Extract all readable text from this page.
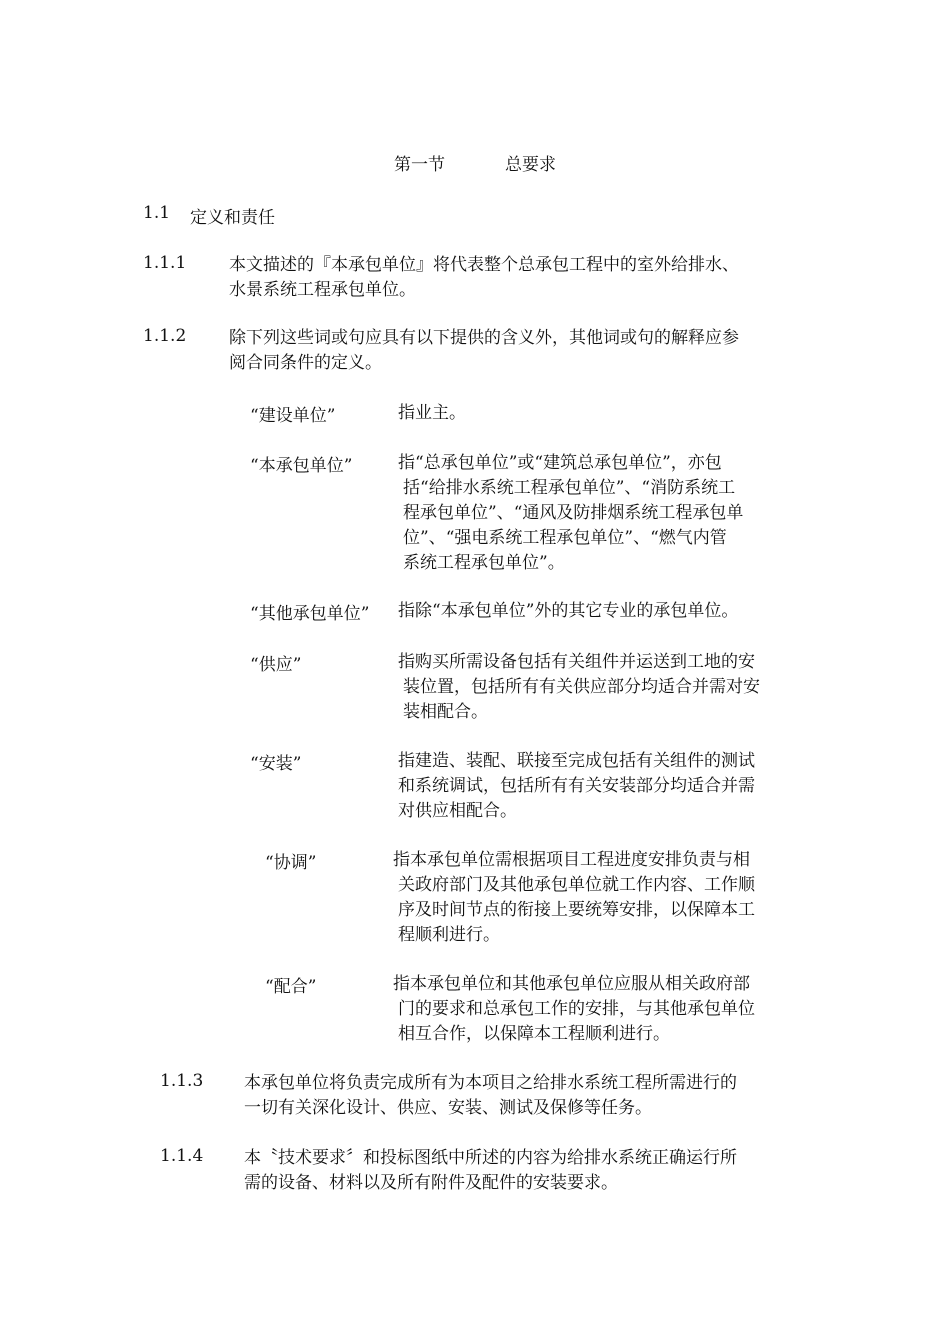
第一节	总要求
1.1 定义和责任
1.1.1	本文描述的『本承包单位』将代表整个总承包工程中的室外给排水、
水景系统工程承包单位。
1.1.2	除下列这些词或句应具有以下提供的含义外，其他词或句的解释应参
阅合同条件的定义。
“建设单位”	指业主。
“本承包单位”	指“总承包单位”或“建筑总承包单位”，亦包
括“给排水系统工程承包单位”、“消防系统工
程承包单位”、“通风及防排烟系统工程承包单
位”、“强电系统工程承包单位”、“燃气内管
系统工程承包单位”。
“其他承包单位” 指除“本承包单位”外的其它专业的承包单位。
“供应”	指购买所需设备包括有关组件并运送到工地的安
装位置，包括所有有关供应部分均适合并需对安
装相配合。
“安装”	指建造、装配、联接至完成包括有关组件的测试
和系统调试，包括所有有关安装部分均适合并需
对供应相配合。
“协调”	指本承包单位需根据项目工程进度安排负责与相
关政府部门及其他承包单位就工作内容、工作顺
序及时间节点的衔接上要统筹安排，以保障本工
程顺利进行。
“配合”	指本承包单位和其他承包单位应服从相关政府部
门的要求和总承包工作的安排，与其他承包单位
相互合作，以保障本工程顺利进行。
1.1.3 本承包单位将负责完成所有为本项目之给排水系统工程所需进行的
一切有关深化设计、供应、安装、测试及保修等任务。
1.1.4 本〝技术要求〞和投标图纸中所述的内容为给排水系统正确运行所
需的设备、材料以及所有附件及配件的安装要求。
